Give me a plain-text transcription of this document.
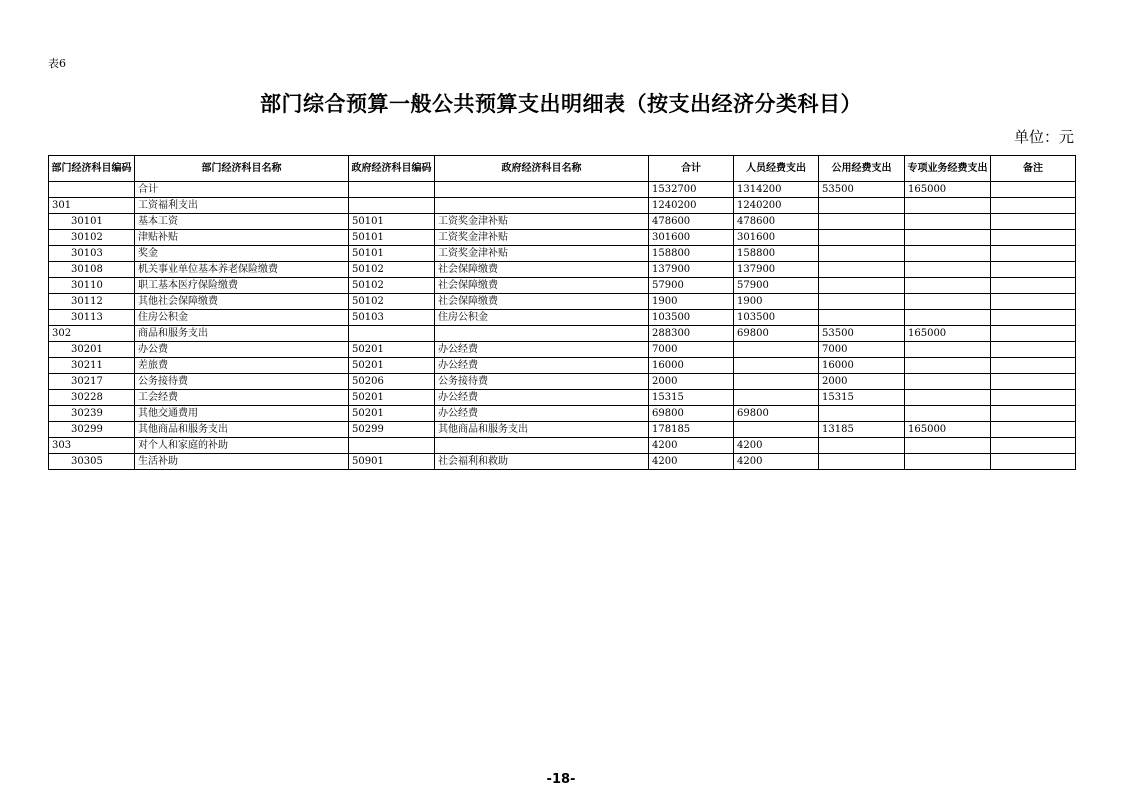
表6
部门综合预算一般公共预算支出明细表（按支出经济分类科目）
单位：元
部门经济科目编码	部门经济科目名称	政府经济科目编码	政府经济科目名称	合计	人员经费支出	公用经费支出	专项业务经费支出	备注
	合计			1532700	1314200	53500	165000	
301	工资福利支出			1240200	1240200			
30101	基本工资	50101	工资奖金津补贴	478600	478600			
30102	津贴补贴	50101	工资奖金津补贴	301600	301600			
30103	奖金	50101	工资奖金津补贴	158800	158800			
30108	机关事业单位基本养老保险缴费	50102	社会保障缴费	137900	137900			
30110	职工基本医疗保险缴费	50102	社会保障缴费	57900	57900			
30112	其他社会保障缴费	50102	社会保障缴费	1900	1900			
30113	住房公积金	50103	住房公积金	103500	103500			
302	商品和服务支出			288300	69800	53500	165000	
30201	办公费	50201	办公经费	7000		7000		
30211	差旅费	50201	办公经费	16000		16000		
30217	公务接待费	50206	公务接待费	2000		2000		
30228	工会经费	50201	办公经费	15315		15315		
30239	其他交通费用	50201	办公经费	69800	69800			
30299	其他商品和服务支出	50299	其他商品和服务支出	178185		13185	165000	
303	对个人和家庭的补助			4200	4200			
30305	生活补助	50901	社会福利和救助	4200	4200			
-18-
